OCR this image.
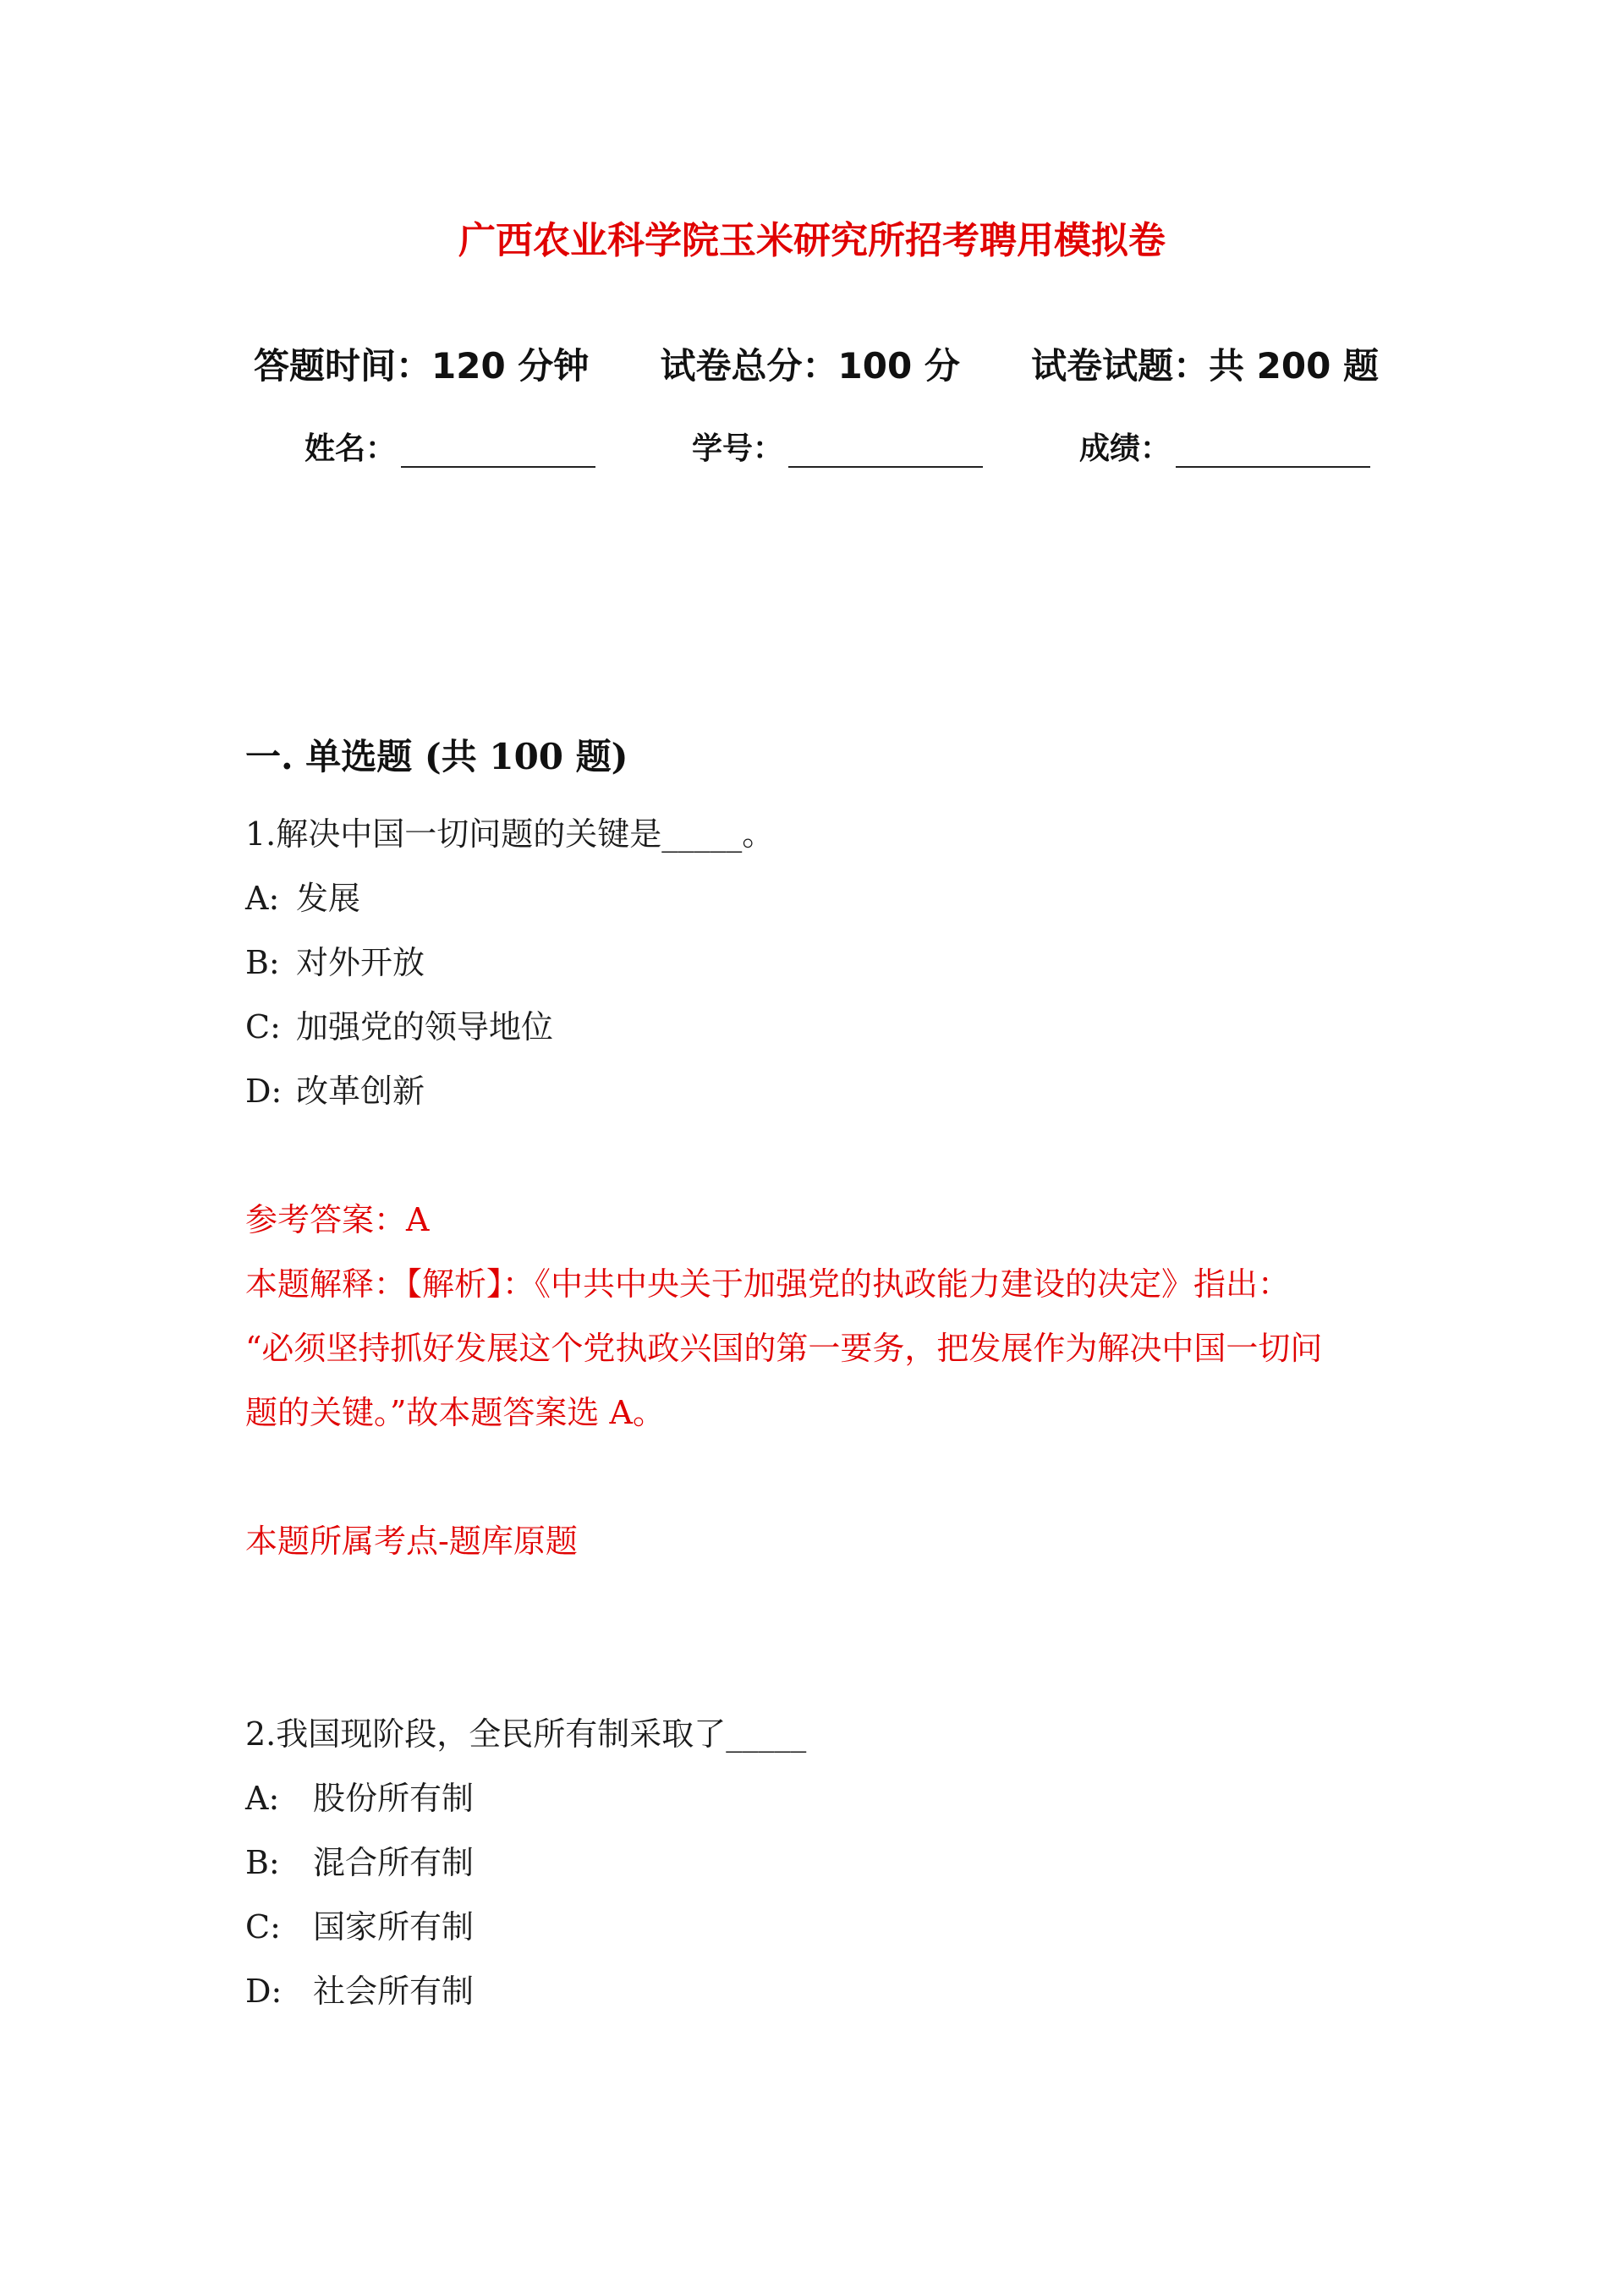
广西农业科学院玉米研究所招考聘用模拟卷
答题时间：120 分钟 试卷总分：100 分 试卷试题：共 200 题
姓名：	学号：	成绩：
一. 单选题 (共 100 题)
1.解决中国一切问题的关键是_____。
A: 发展
B: 对外开放
C: 加强党的领导地位
D: 改革创新
参考答案：A
本题解释：【解析】：《中共中央关于加强党的执政能力建设的决定》指出：
“必须坚持抓好发展这个党执政兴国的第一要务，把发展作为解决中国一切问
题的关键。”故本题答案选 A。
本题所属考点-题库原题
2.我国现阶段，全民所有制采取了_____
A: 股份所有制
B: 混合所有制
C: 国家所有制
D: 社会所有制
